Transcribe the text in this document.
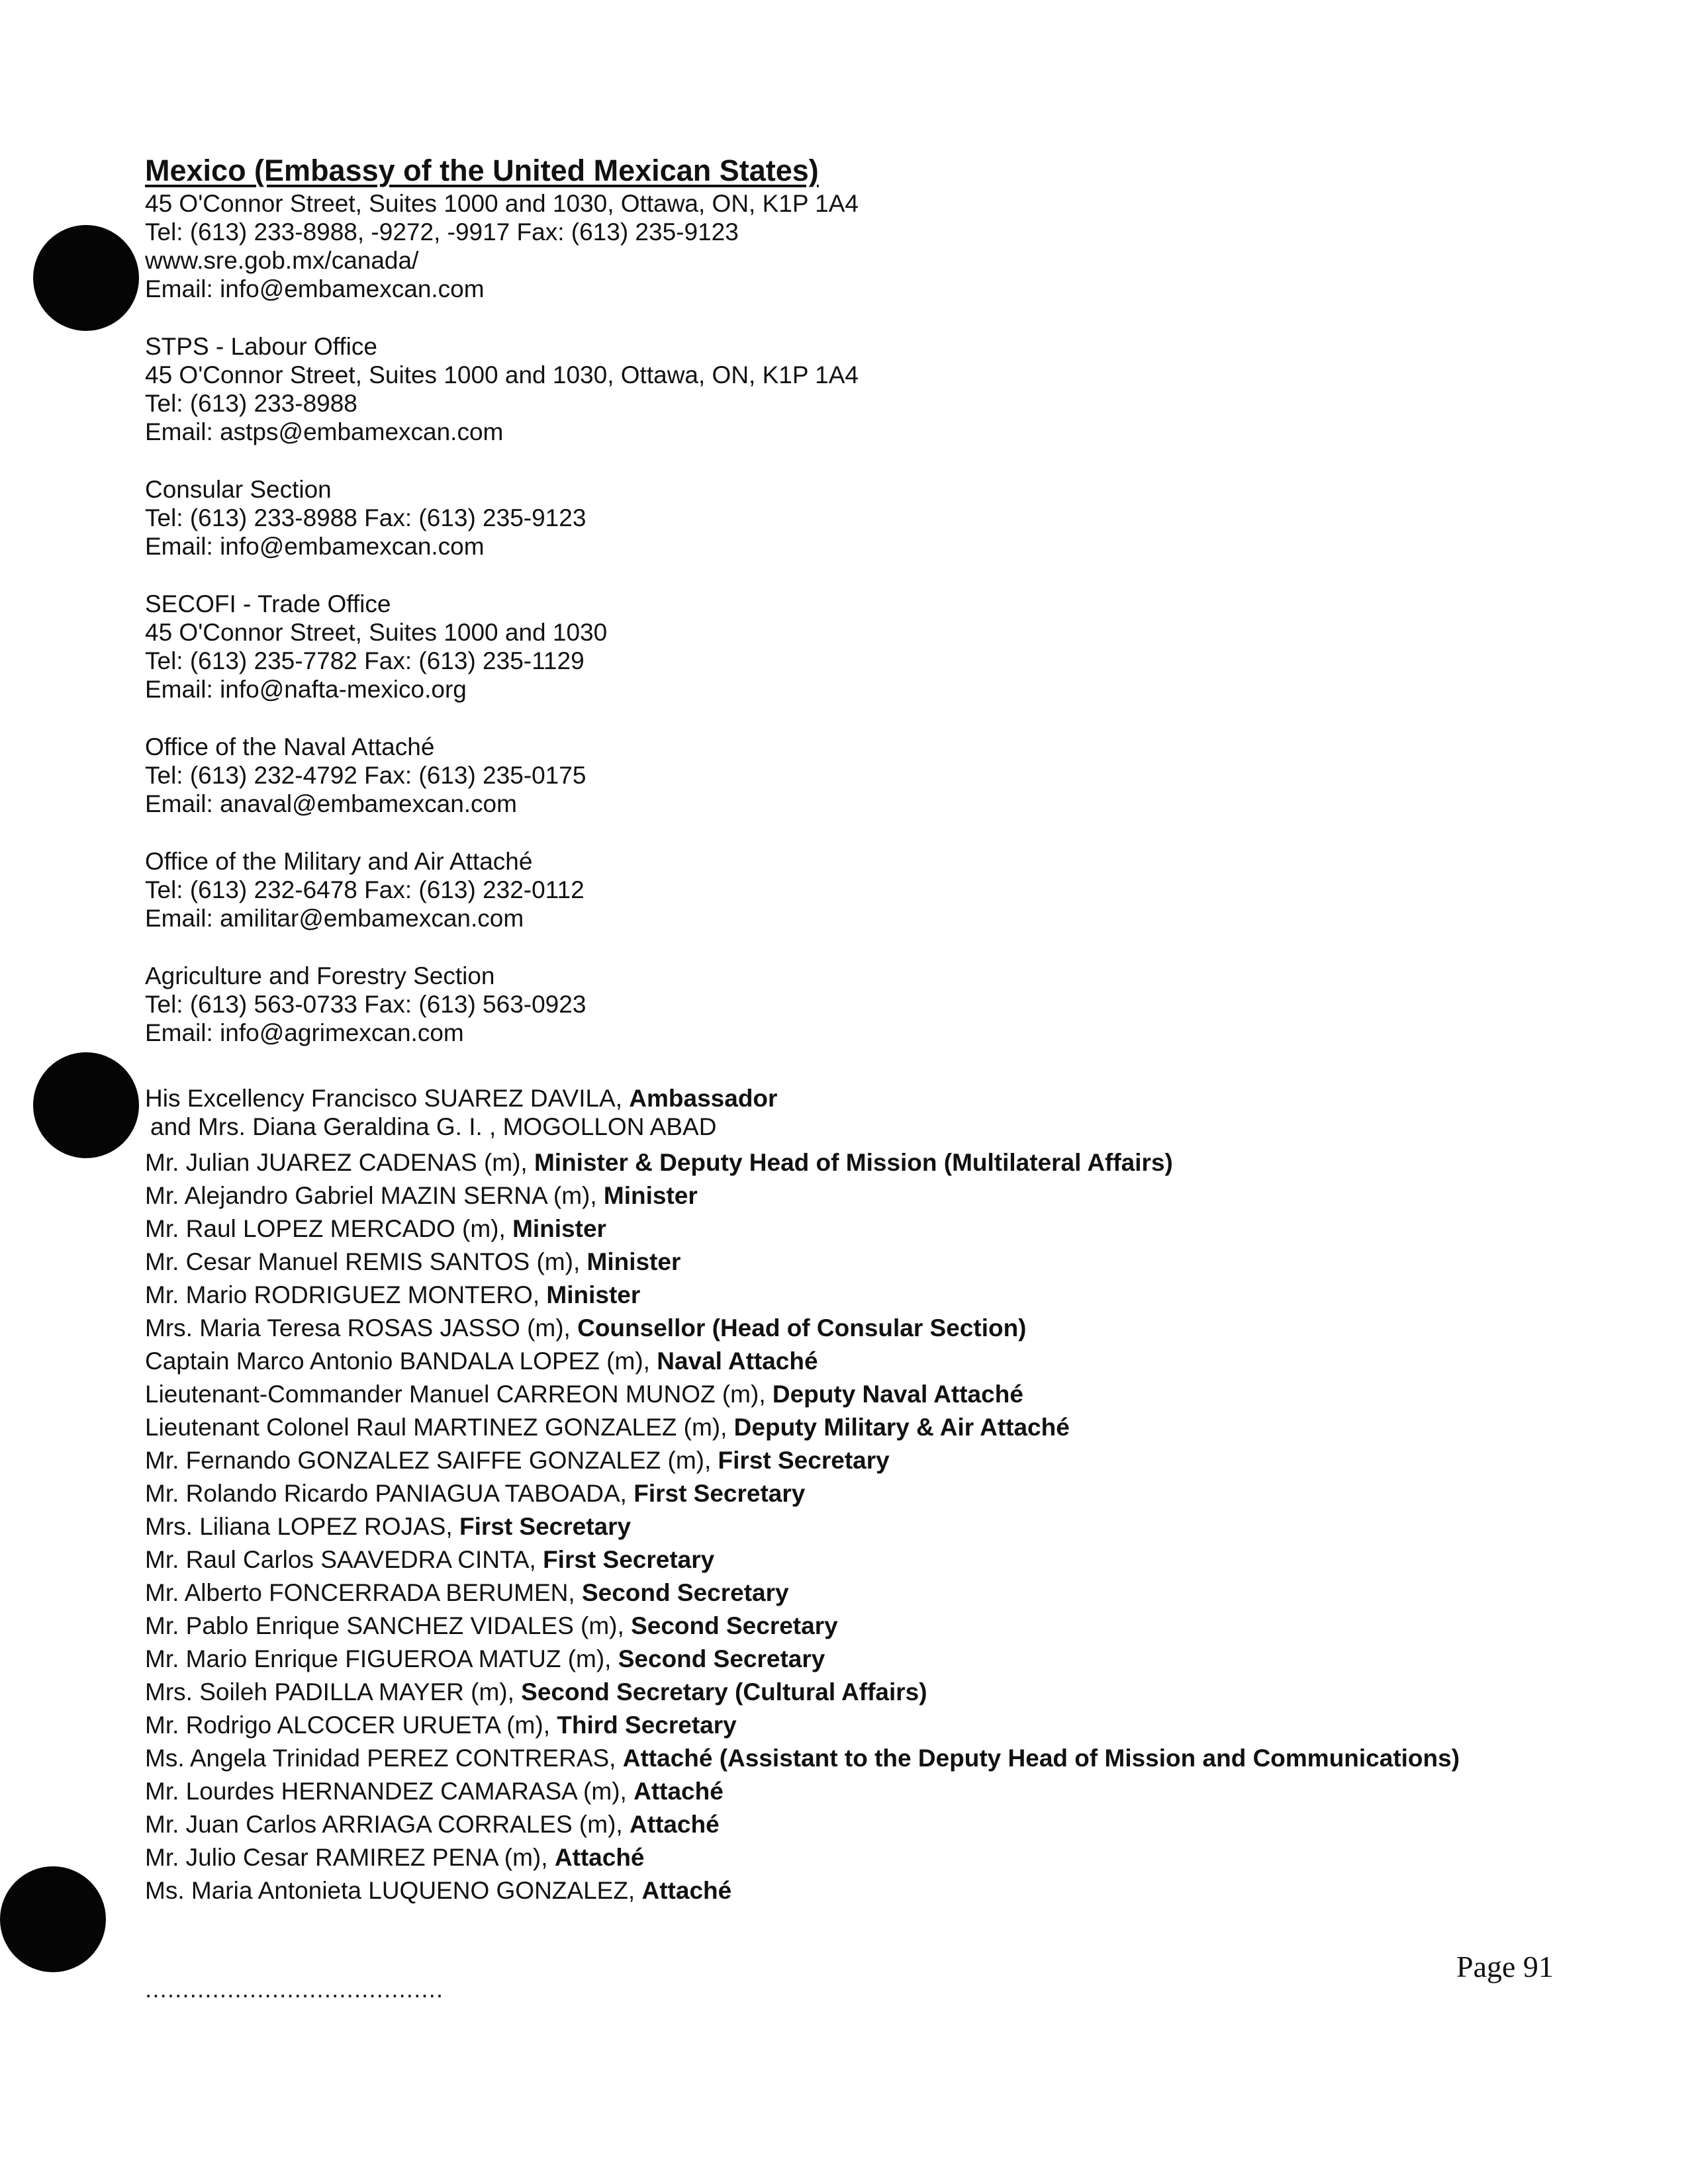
Mexico (Embassy of the United Mexican States)
45 O'Connor Street, Suites 1000 and 1030, Ottawa, ON, K1P 1A4
Tel: (613) 233-8988, -9272, -9917 Fax: (613) 235-9123
www.sre.gob.mx/canada/
Email: info@embamexcan.com
STPS - Labour Office
45 O'Connor Street, Suites 1000 and 1030, Ottawa, ON, K1P 1A4
Tel: (613) 233-8988
Email: astps@embamexcan.com
Consular Section
Tel: (613) 233-8988 Fax: (613) 235-9123
Email: info@embamexcan.com
SECOFI - Trade Office
45 O'Connor Street, Suites 1000 and 1030
Tel: (613) 235-7782 Fax: (613) 235-1129
Email: info@nafta-mexico.org
Office of the Naval Attaché
Tel: (613) 232-4792 Fax: (613) 235-0175
Email: anaval@embamexcan.com
Office of the Military and Air Attaché
Tel: (613) 232-6478 Fax: (613) 232-0112
Email: amilitar@embamexcan.com
Agriculture and Forestry Section
Tel: (613) 563-0733 Fax: (613) 563-0923
Email: info@agrimexcan.com
His Excellency Francisco SUAREZ DAVILA, Ambassador
and Mrs. Diana Geraldina G. I. , MOGOLLON ABAD
Mr. Julian JUAREZ CADENAS (m), Minister & Deputy Head of Mission (Multilateral Affairs)
Mr. Alejandro Gabriel MAZIN SERNA (m), Minister
Mr. Raul LOPEZ MERCADO (m), Minister
Mr. Cesar Manuel REMIS SANTOS (m), Minister
Mr. Mario RODRIGUEZ MONTERO, Minister
Mrs. Maria Teresa ROSAS JASSO (m), Counsellor (Head of Consular Section)
Captain Marco Antonio BANDALA LOPEZ (m), Naval Attaché
Lieutenant-Commander Manuel CARREON MUNOZ (m), Deputy Naval Attaché
Lieutenant Colonel Raul MARTINEZ GONZALEZ (m), Deputy Military & Air Attaché
Mr. Fernando GONZALEZ SAIFFE GONZALEZ (m), First Secretary
Mr. Rolando Ricardo PANIAGUA TABOADA, First Secretary
Mrs. Liliana LOPEZ ROJAS, First Secretary
Mr. Raul Carlos SAAVEDRA CINTA, First Secretary
Mr. Alberto FONCERRADA BERUMEN, Second Secretary
Mr. Pablo Enrique SANCHEZ VIDALES (m), Second Secretary
Mr. Mario Enrique FIGUEROA MATUZ (m), Second Secretary
Mrs. Soileh PADILLA MAYER (m), Second Secretary (Cultural Affairs)
Mr. Rodrigo ALCOCER URUETA (m), Third Secretary
Ms. Angela Trinidad PEREZ CONTRERAS, Attaché (Assistant to the Deputy Head of Mission and Communications)
Mr. Lourdes HERNANDEZ CAMARASA (m), Attaché
Mr. Juan Carlos ARRIAGA CORRALES (m), Attaché
Mr. Julio Cesar RAMIREZ PENA (m), Attaché
Ms. Maria Antonieta LUQUENO GONZALEZ, Attaché
........................................
Page 91
